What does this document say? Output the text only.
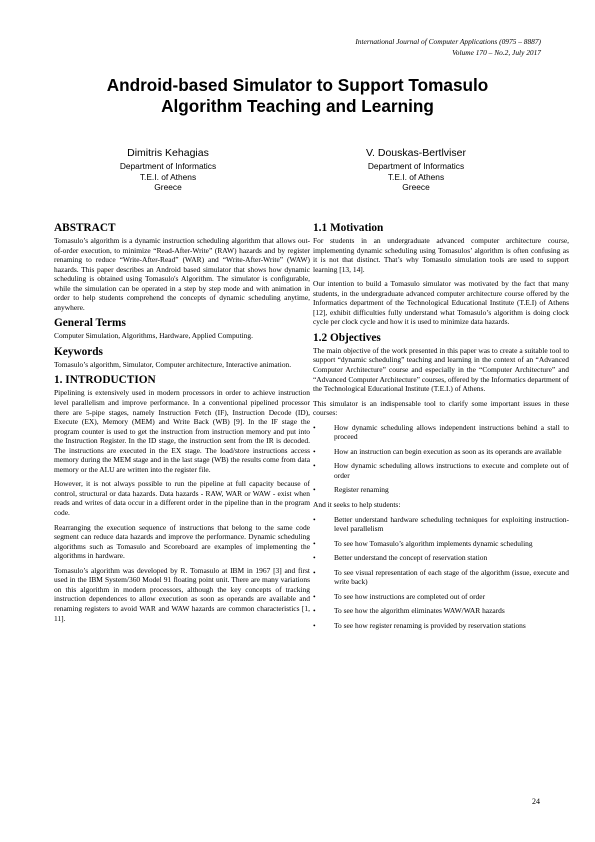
International Journal of Computer Applications (0975 – 8887)
Volume 170 – No.2, July 2017
Android-based Simulator to Support Tomasulo
Algorithm Teaching and Learning
Dimitris Kehagias
Department of Informatics
T.E.I. of Athens
Greece
V. Douskas-Bertlviser
Department of Informatics
T.E.I. of Athens
Greece
ABSTRACT

Tomasulo’s algorithm is a dynamic instruction scheduling algorithm that allows out-of-order execution, to minimize “Read-After-Write” (RAW) hazards and by register renaming to reduce “Write-After-Read” (WAR) and “Write-After-Write” (WAW) hazards. This paper describes an Android based simulator that shows how dynamic scheduling is obtained using Tomasulo's Algorithm. The simulator is configurable, while the simulation can be operated in a step by step mode and with animation in order to help students comprehend the concepts of dynamic scheduling anytime, anywhere.

General Terms

Computer Simulation, Algorithms, Hardware, Applied Computing.

Keywords

Tomasulo’s algorithm, Simulator, Computer architecture, Interactive animation.

1. INTRODUCTION

Pipelining is extensively used in modern processors in order to achieve instruction level parallelism and improve performance. In a conventional pipelined processor there are 5-pipe stages, namely Instruction Fetch (IF), Instruction Decode (ID), Execute (EX), Memory (MEM) and Write Back (WB) [9]. In the IF stage the program counter is used to get the instruction from instruction memory and put into the Instruction Register. In the ID stage, the instruction sent from the IR is decoded. The instructions are executed in the EX stage. The load/store instructions access memory during the MEM stage and in the last stage (WB) the results come from data memory or the ALU are written into the register file.

However, it is not always possible to run the pipeline at full capacity because of control, structural or data hazards. Data hazards - RAW, WAR or WAW - exist when reads and writes of data occur in a different order in the pipeline than in the program code.

Rearranging the execution sequence of instructions that belong to the same code segment can reduce data hazards and improve the performance. Dynamic scheduling algorithms such as Tomasulo and Scoreboard are examples of implementing the algorithms in hardware.

Tomasulo’s algorithm was developed by R. Tomasulo at IBM in 1967 [3] and first used in the IBM System/360 Model 91 floating point unit. There are many variations on this algorithm in modern processors, although the key concepts of tracking instruction dependences to allow execution as soon as operands are available and renaming registers to avoid WAR and WAW hazards are common characteristics [1, 11].

1.1 Motivation

For students in an undergraduate advanced computer architecture course, implementing dynamic scheduling using Tomasulos’ algorithm is often confusing as it is not that distinct. That’s why Tomasulo simulation tools are used to support learning [13, 14].

Our intention to build a Tomasulo simulator was motivated by the fact that many students, in the undergraduate advanced computer architecture course offered by the Informatics department of the Technological Educational Institute (T.E.I) of Athens [12], exhibit difficulties fully understand what Tomasulo’s algorithm is doing clock cycle per clock cycle and how it is used to minimize data hazards.

1.2 Objectives

The main objective of the work presented in this paper was to create a suitable tool to support “dynamic scheduling” teaching and learning in the context of an “Advanced Computer Architecture” course and especially in the “Computer Architecture” and “Advanced Computer Architecture” courses, offered by the Informatics department of the Technological Educational Institute (T.E.I.) of Athens.

This simulator is an indispensable tool to clarify some important issues in these courses:

• How dynamic scheduling allows independent instructions behind a stall to proceed
• How an instruction can begin execution as soon as its operands are available
• How dynamic scheduling allows instructions to execute and complete out of order
• Register renaming

And it seeks to help students:

• Better understand hardware scheduling techniques for exploiting instruction-level parallelism
• To see how Tomasulo’s algorithm implements dynamic scheduling
• Better understand the concept of reservation station
• To see visual representation of each stage of the algorithm (issue, execute and write back)
• To see how instructions are completed out of order
• To see how the algorithm eliminates WAW/WAR hazards
• To see how register renaming is provided by reservation stations
24
